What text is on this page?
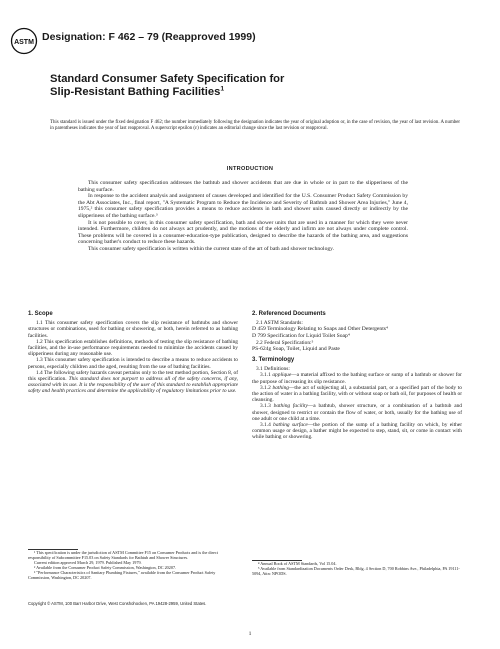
ASTM Designation: F 462 – 79 (Reapproved 1999)
Standard Consumer Safety Specification for
Slip-Resistant Bathing Facilities$^1$
This standard is issued under the fixed designation F 462; the number immediately following the designation indicates the year of original adoption or, in the case of revision, the year of last revision. A number in parentheses indicates the year of last reapproval. A superscript epsilon (ε) indicates an editorial change since the last revision or reapproval.
INTRODUCTION

This consumer safety specification addresses the bathtub and shower accidents that are due in whole or in part to the slipperiness of the bathing surface.

In response to the accident analysis and assignment of causes developed and identified for the U.S. Consumer Product Safety Commission by the Abt Associates, Inc., final report, "A Systematic Program to Reduce the Incidence and Severity of Bathtub and Shower Area Injuries," June 4, 1975,² this consumer safety specification provides a means to reduce accidents in bath and shower units caused directly or indirectly by the slipperiness of the bathing surface.³

It is not possible to cover, in this consumer safety specification, bath and shower units that are used in a manner for which they were never intended. Furthermore, children do not always act prudently, and the motions of the elderly and infirm are not always under complete control. These problems will be covered in a consumer-education-type publication, designed to describe the hazards of the bathing area, and suggestions concerning bather's conduct to reduce these hazards.

This consumer safety specification is written within the current state of the art of bath and shower technology.

1. Scope

1.1 This consumer safety specification covers the slip resistance of bathtubs and shower structures or combinations, used for bathing or showering, or both, herein referred to as bathing facilities.

1.2 This specification establishes definitions, methods of testing the slip resistance of bathing facilities, and the in-use performance requirements needed to minimize the accidents caused by slipperiness during any reasonable use.

1.3 This consumer safety specification is intended to describe a means to reduce accidents to persons, especially children and the aged, resulting from the use of bathing facilities.

1.4 The following safety hazards caveat pertains only to the test method portion, Section 8, of this specification. This standard does not purport to address all of the safety concerns, if any, associated with its use. It is the responsibility of the user of this standard to establish appropriate safety and health practices and determine the applicability of regulatory limitations prior to use.

2. Referenced Documents

2.1 ASTM Standards:

D 459 Terminology Relating to Soaps and Other Detergents⁴

D 799 Specification for Liquid Toilet Soap⁴

2.2 Federal Specification:⁵

PS-624g Soap, Toilet, Liquid and Paste

3. Terminology

3.1 Definitions:

3.1.1 applique—a material affixed to the bathing surface or sump of a bathtub or shower for the purpose of increasing its slip resistance.

3.1.2 bathing—the act of subjecting all, a substantial part, or a specified part of the body to the action of water in a bathing facility, with or without soap or bath oil, for purposes of health or cleansing.

3.1.3 bathing facility—a bathtub, shower structure, or a combination of a bathtub and shower, designed to restrict or contain the flow of water, or both, usually for the bathing use of one adult or one child at a time.

3.1.4 bathing surface—the portion of the sump of a bathing facility on which, by either common usage or design, a bather might be expected to step, stand, sit, or come in contact with while bathing or showering.

¹ This specification is under the jurisdiction of ASTM Committee F15 on Consumer Products and is the direct responsibility of Subcommittee F15.03 on Safety Standards for Bathtub and Shower Structures.

Current edition approved March 29, 1979. Published May 1979.

² Available from the Consumer Product Safety Commission, Washington, DC 20207.

³ "Performance Characteristics of Sanitary Plumbing Fixtures," available from the Consumer Product Safety Commission, Washington, DC 20207.

⁴ Annual Book of ASTM Standards, Vol 15.04.

⁵ Available from Standardization Documents Order Desk, Bldg. 4 Section D, 700 Robbins Ave., Philadelphia, PA 19111-5094, Attn: NPODS.

Copyright © ASTM, 100 Barr Harbor Drive, West Conshohocken, PA 19428-2959, United States.
1
